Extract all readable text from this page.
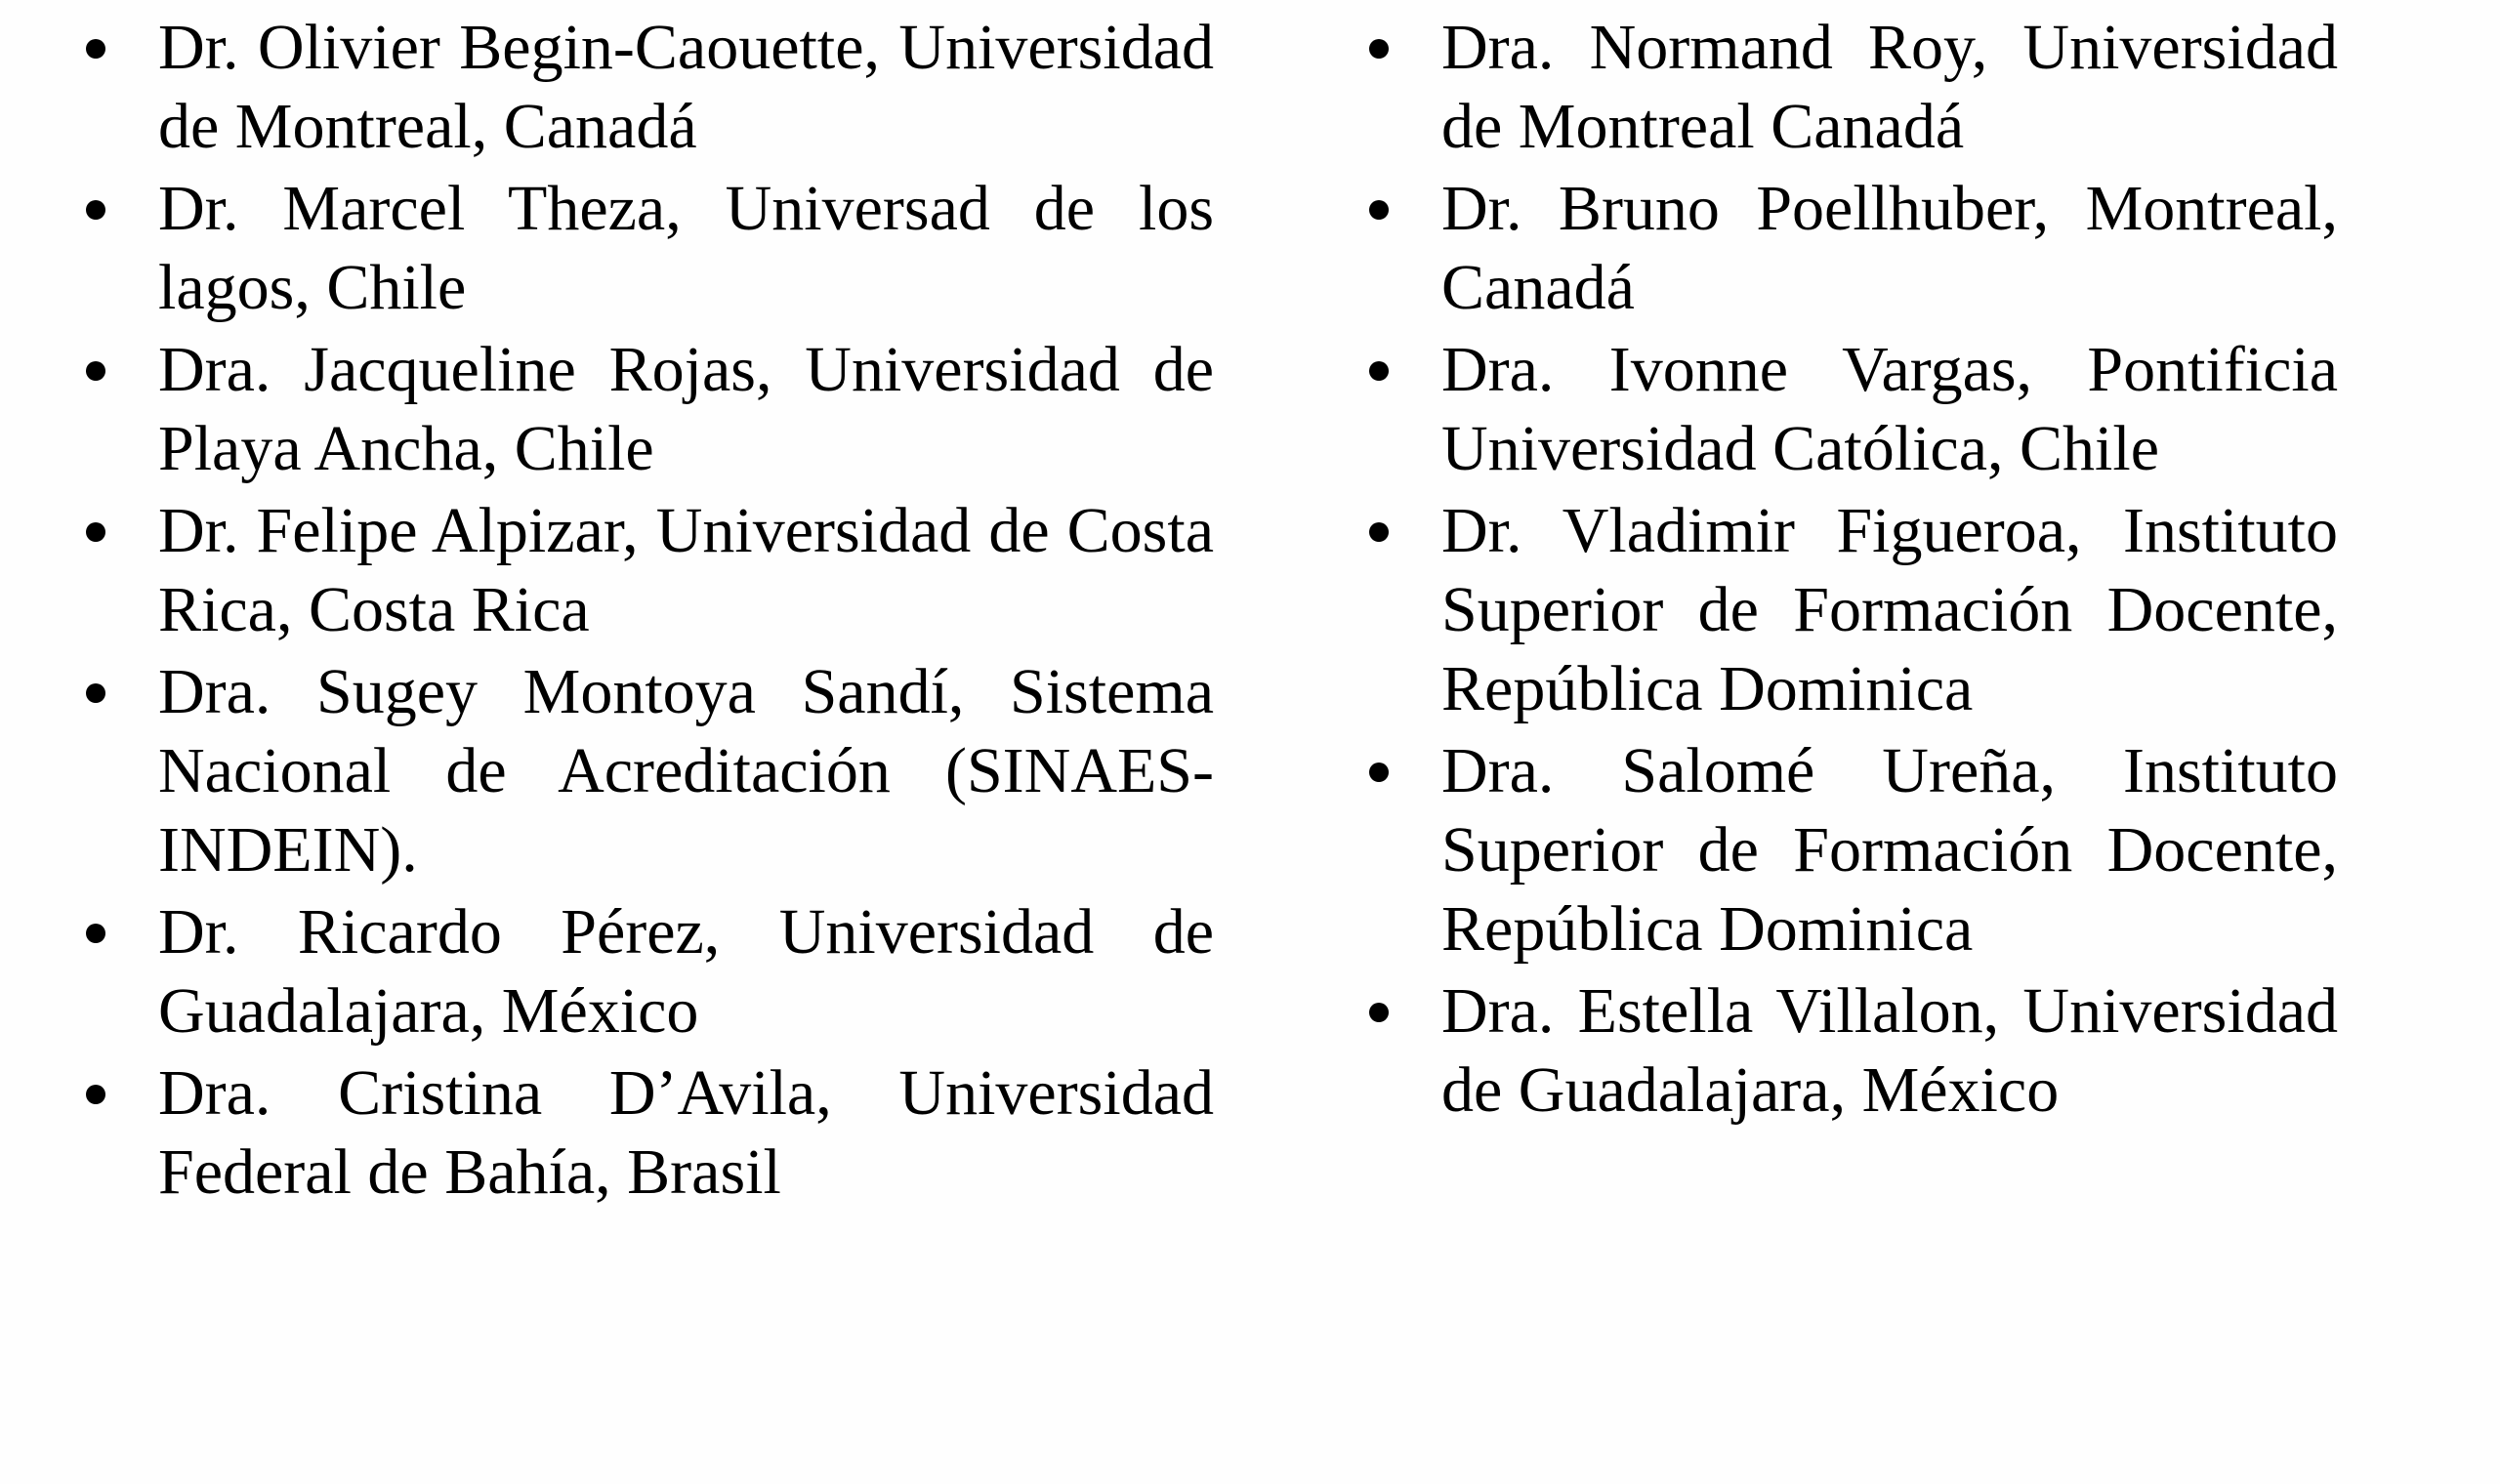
Dr. Olivier Begin-Caouette, Universidad de Montreal, Canadá
Dr. Marcel Theza, Universad de los lagos, Chile
Dra. Jacqueline Rojas, Universidad de Playa Ancha, Chile
Dr. Felipe Alpizar, Universidad de Costa Rica, Costa Rica
Dra. Sugey Montoya Sandí, Sistema Nacional de Acreditación (SINAES-INDEIN).
Dr. Ricardo Pérez, Universidad de Guadalajara, México
Dra. Cristina D’Avila, Universidad Federal de Bahía, Brasil
Dra. Normand Roy, Universidad de Montreal Canadá
Dr. Bruno Poellhuber, Montreal, Canadá
Dra. Ivonne Vargas, Pontificia Universidad Católica, Chile
Dr. Vladimir Figueroa, Instituto Superior de Formación Docente, República Dominica
Dra. Salomé Ureña, Instituto Superior de Formación Docente, República Dominica
Dra. Estella Villalon, Universidad de Guadalajara, México
